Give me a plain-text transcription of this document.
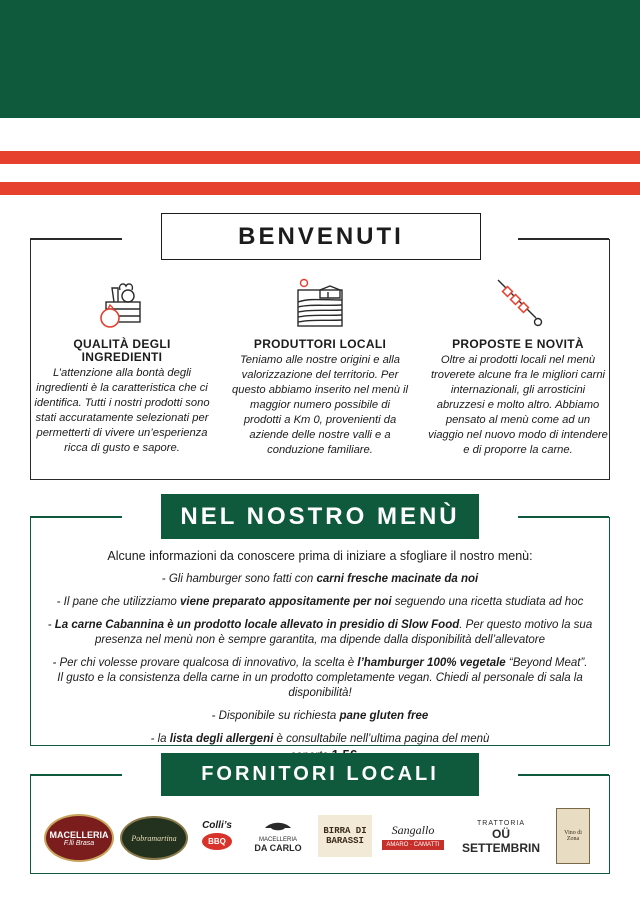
BENVENUTI
QUALITÀ DEGLI INGREDIENTI
L’attenzione alla bontà degli ingredienti è la caratteristica che ci identifica. Tutti i nostri prodotti sono stati accuratamente selezionati per permetterti di vivere un’esperienza ricca di gusto e sapore.
PRODUTTORI LOCALI
Teniamo alle nostre origini e alla valorizzazione del territorio. Per questo abbiamo inserito nel menù il maggior numero possibile di prodotti a Km 0, provenienti da aziende delle nostre valli e a conduzione familiare.
PROPOSTE E NOVITÀ
Oltre ai prodotti locali nel menù troverete alcune fra le migliori carni internazionali, gli arrosticini abruzzesi e molto altro. Abbiamo pensato al menù come ad un viaggio nel nuovo modo di intendere e di proporre la carne.
NEL NOSTRO MENÙ

Alcune informazioni da conoscere prima di iniziare a sfogliare il nostro menù:

- Gli hamburger sono fatti con carni fresche macinate da noi

- Il pane che utilizziamo viene preparato appositamente per noi seguendo una ricetta studiata ad hoc

- La carne Cabannina è un prodotto locale allevato in presidio di Slow Food. Per questo motivo la sua presenza nel menù non è sempre garantita, ma dipende dalla disponibilità dell’allevatore

- Per chi volesse provare qualcosa di innovativo, la scelta è l’hamburger 100% vegetale “Beyond Meat”.
Il gusto e la consistenza della carne in un prodotto completamente vegan. Chiedi al personale di sala la disponibilità!

- Disponibile su richiesta pane gluten free

- la lista degli allergeni è consultabile nell’ultima pagina del menù

FORNITORI LOCALI
MACELLERIA
F.lli Brasa
Pobramartina
Colli’s
BBQ	MACELLERIA
DA CARLO
BIRRA DI
BARASSI
Sangallo
AMARO · CAMATTI
TRATTORIA
OÜ SETTEMBRIN
Vino di
Zona
